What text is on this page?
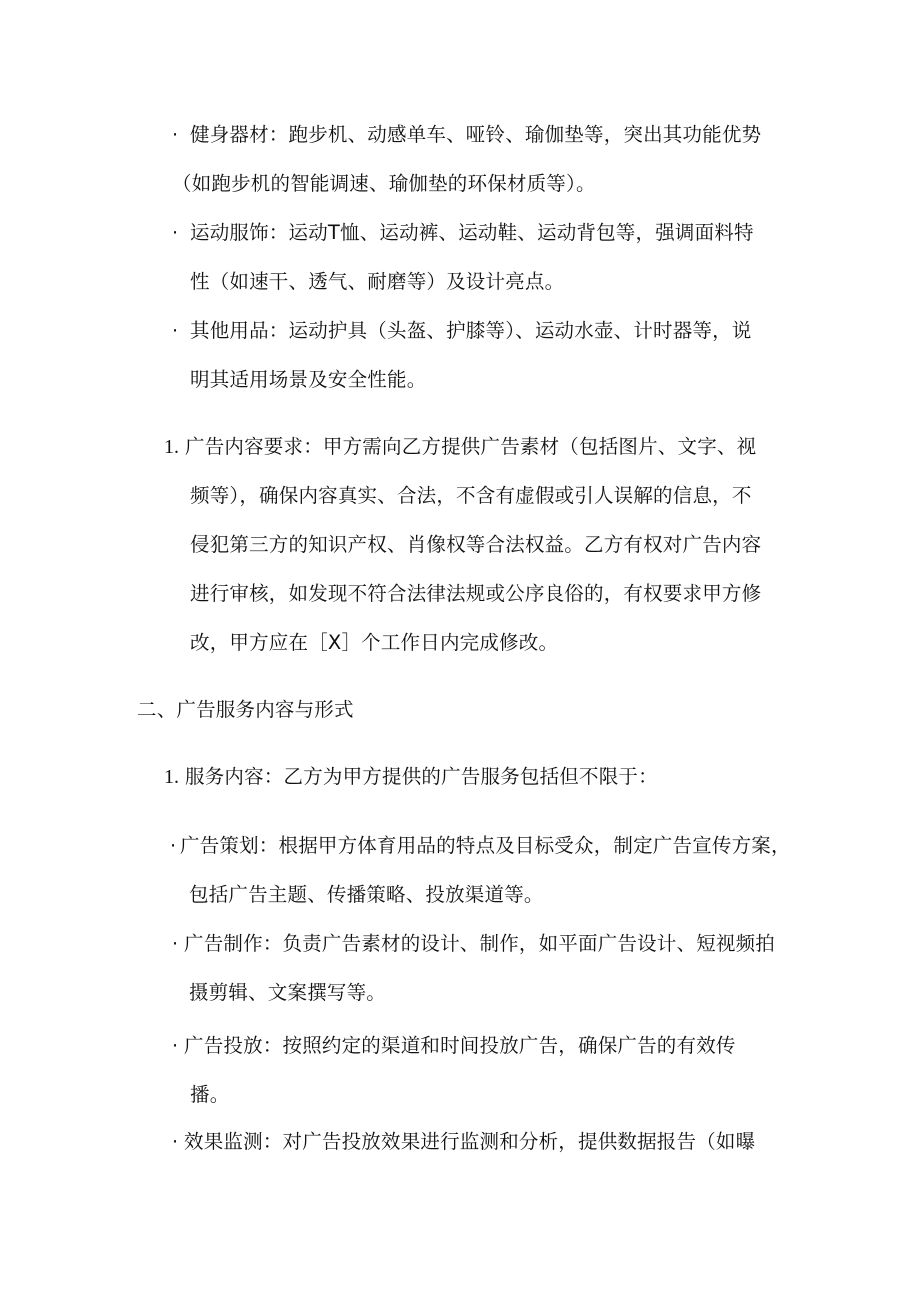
· 健身器材：跑步机、动感单车、哑铃、瑜伽垫等，突出其功能优势
（如跑步机的智能调速、瑜伽垫的环保材质等）。
· 运动服饰：运动T恤、运动裤、运动鞋、运动背包等，强调面料特
性（如速干、透气、耐磨等）及设计亮点。
· 其他用品：运动护具（头盔、护膝等）、运动水壶、计时器等，说
明其适用场景及安全性能。
1. 广告内容要求：甲方需向乙方提供广告素材（包括图片、文字、视
频等），确保内容真实、合法，不含有虚假或引人误解的信息，不
侵犯第三方的知识产权、肖像权等合法权益。乙方有权对广告内容
进行审核，如发现不符合法律法规或公序良俗的，有权要求甲方修
改，甲方应在［X］个工作日内完成修改。
二、广告服务内容与形式
1. 服务内容：乙方为甲方提供的广告服务包括但不限于：
· 广告策划：根据甲方体育用品的特点及目标受众，制定广告宣传方案，
包括广告主题、传播策略、投放渠道等。
· 广告制作：负责广告素材的设计、制作，如平面广告设计、短视频拍
摄剪辑、文案撰写等。
· 广告投放：按照约定的渠道和时间投放广告，确保广告的有效传
播。
· 效果监测：对广告投放效果进行监测和分析，提供数据报告（如曝
